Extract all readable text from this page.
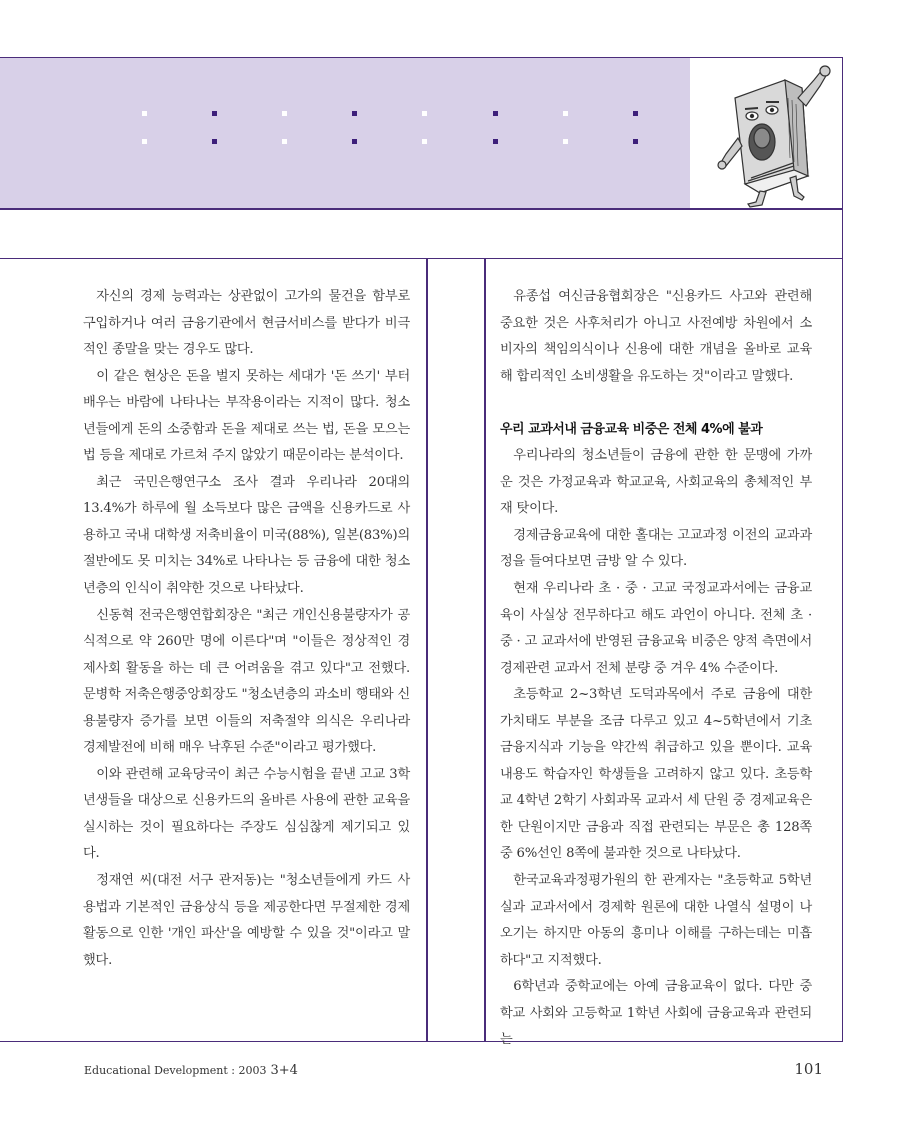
자신의 경제 능력과는 상관없이 고가의 물건을 함부로 구입하거나 여러 금융기관에서 현금서비스를 받다가 비극적인 종말을 맞는 경우도 많다.

이 같은 현상은 돈을 벌지 못하는 세대가 '돈 쓰기' 부터 배우는 바람에 나타나는 부작용이라는 지적이 많다. 청소년들에게 돈의 소중함과 돈을 제대로 쓰는 법, 돈을 모으는 법 등을 제대로 가르쳐 주지 않았기 때문이라는 분석이다.

최근 국민은행연구소 조사 결과 우리나라 20대의 13.4%가 하루에 월 소득보다 많은 금액을 신용카드로 사용하고 국내 대학생 저축비율이 미국(88%), 일본(83%)의 절반에도 못 미치는 34%로 나타나는 등 금융에 대한 청소년층의 인식이 취약한 것으로 나타났다.

신동혁 전국은행연합회장은 "최근 개인신용불량자가 공식적으로 약 260만 명에 이른다"며 "이들은 정상적인 경제사회 활동을 하는 데 큰 어려움을 겪고 있다"고 전했다. 문병학 저축은행중앙회장도 "청소년층의 과소비 행태와 신용불량자 증가를 보면 이들의 저축절약 의식은 우리나라 경제발전에 비해 매우 낙후된 수준"이라고 평가했다.

이와 관련해 교육당국이 최근 수능시험을 끝낸 고교 3학년생들을 대상으로 신용카드의 올바른 사용에 관한 교육을 실시하는 것이 필요하다는 주장도 심심찮게 제기되고 있다.

정재연 씨(대전 서구 관저동)는 "청소년들에게 카드 사용법과 기본적인 금융상식 등을 제공한다면 무절제한 경제활동으로 인한 '개인 파산'을 예방할 수 있을 것"이라고 말했다.

유종섭 여신금융협회장은 "신용카드 사고와 관련해 중요한 것은 사후처리가 아니고 사전예방 차원에서 소비자의 책임의식이나 신용에 대한 개념을 올바로 교육해 합리적인 소비생활을 유도하는 것"이라고 말했다.

우리 교과서내 금융교육 비중은 전체 4%에 불과

우리나라의 청소년들이 금융에 관한 한 문맹에 가까운 것은 가정교육과 학교교육, 사회교육의 총체적인 부재 탓이다.

경제금융교육에 대한 홀대는 고교과정 이전의 교과과정을 들여다보면 금방 알 수 있다.

현재 우리나라 초 · 중 · 고교 국정교과서에는 금융교육이 사실상 전무하다고 해도 과언이 아니다. 전체 초 · 중 · 고 교과서에 반영된 금융교육 비중은 양적 측면에서 경제관련 교과서 전체 분량 중 겨우 4% 수준이다.

초등학교 2~3학년 도덕과목에서 주로 금융에 대한 가치태도 부분을 조금 다루고 있고 4~5학년에서 기초금융지식과 기능을 약간씩 취급하고 있을 뿐이다. 교육내용도 학습자인 학생들을 고려하지 않고 있다. 초등학교 4학년 2학기 사회과목 교과서 세 단원 중 경제교육은 한 단원이지만 금융과 직접 관련되는 부문은 총 128쪽 중 6%선인 8쪽에 불과한 것으로 나타났다.

한국교육과정평가원의 한 관계자는 "초등학교 5학년 실과 교과서에서 경제학 원론에 대한 나열식 설명이 나오기는 하지만 아동의 흥미나 이해를 구하는데는 미흡하다"고 지적했다.

6학년과 중학교에는 아예 금융교육이 없다. 다만 중학교 사회와 고등학교 1학년 사회에 금융교육과 관련되는

Educational Development : 2003 3+4	101
